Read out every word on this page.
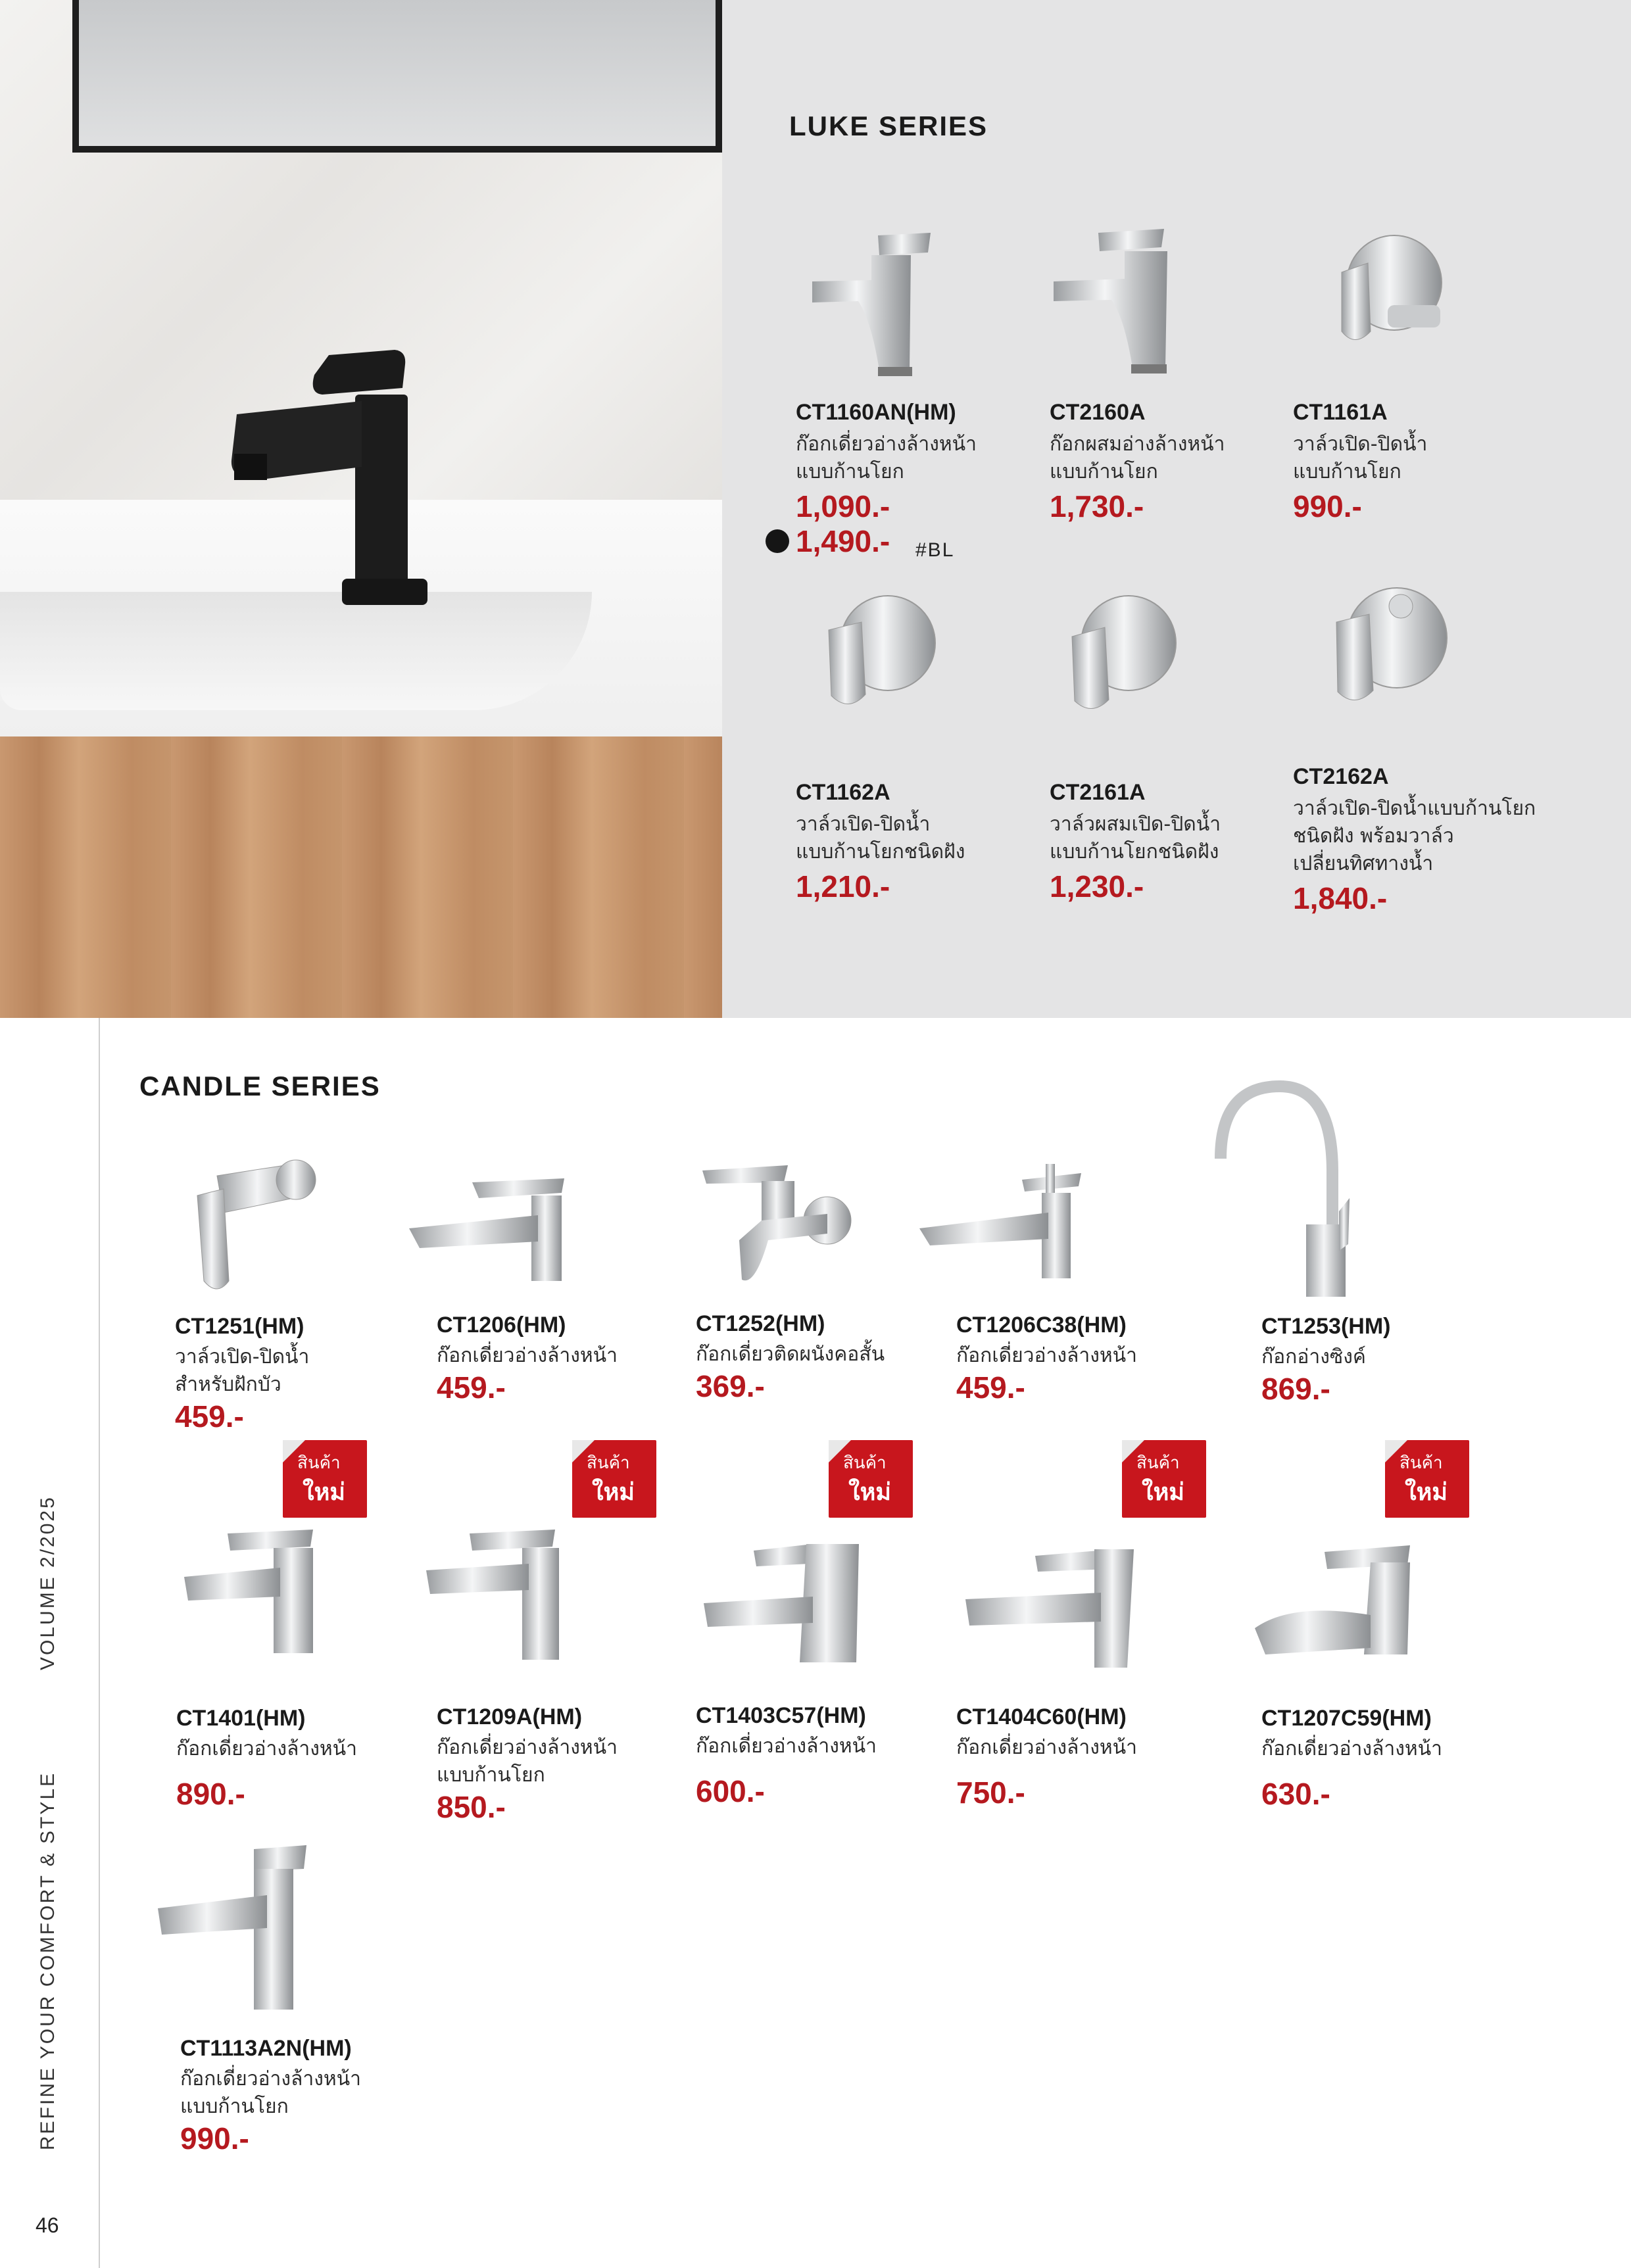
LUKE SERIES
CT1160AN(HM)
ก๊อกเดี่ยวอ่างล้างหน้า
แบบก้านโยก
1,090.-
1,490.- #BL
CT2160A
ก๊อกผสมอ่างล้างหน้า
แบบก้านโยก
1,730.-
CT1161A
วาล์วเปิด-ปิดน้ำ
แบบก้านโยก
990.-
CT1162A
วาล์วเปิด-ปิดน้ำ
แบบก้านโยกชนิดฝัง
1,210.-
CT2161A
วาล์วผสมเปิด-ปิดน้ำ
แบบก้านโยกชนิดฝัง
1,230.-
CT2162A
วาล์วเปิด-ปิดน้ำแบบก้านโยก
ชนิดฝัง พร้อมวาล์ว
เปลี่ยนทิศทางน้ำ
1,840.-
CANDLE SERIES
CT1251(HM)
วาล์วเปิด-ปิดน้ำ
สำหรับฝักบัว
459.-
CT1206(HM)
ก๊อกเดี่ยวอ่างล้างหน้า
459.-
CT1252(HM)
ก๊อกเดี่ยวติดผนังคอสั้น
369.-
CT1206C38(HM)
ก๊อกเดี่ยวอ่างล้างหน้า
459.-
CT1253(HM)
ก๊อกอ่างซิงค์
869.-
สินค้า
ใหม่
สินค้า
ใหม่
สินค้า
ใหม่
สินค้า
ใหม่
สินค้า
ใหม่
CT1401(HM)
ก๊อกเดี่ยวอ่างล้างหน้า
890.-
CT1209A(HM)
ก๊อกเดี่ยวอ่างล้างหน้า
แบบก้านโยก
850.-
CT1403C57(HM)
ก๊อกเดี่ยวอ่างล้างหน้า
600.-
CT1404C60(HM)
ก๊อกเดี่ยวอ่างล้างหน้า
750.-
CT1207C59(HM)
ก๊อกเดี่ยวอ่างล้างหน้า
630.-
CT1113A2N(HM)
ก๊อกเดี่ยวอ่างล้างหน้า
แบบก้านโยก
990.-
VOLUME 2/2025
REFINE YOUR COMFORT & STYLE
46
